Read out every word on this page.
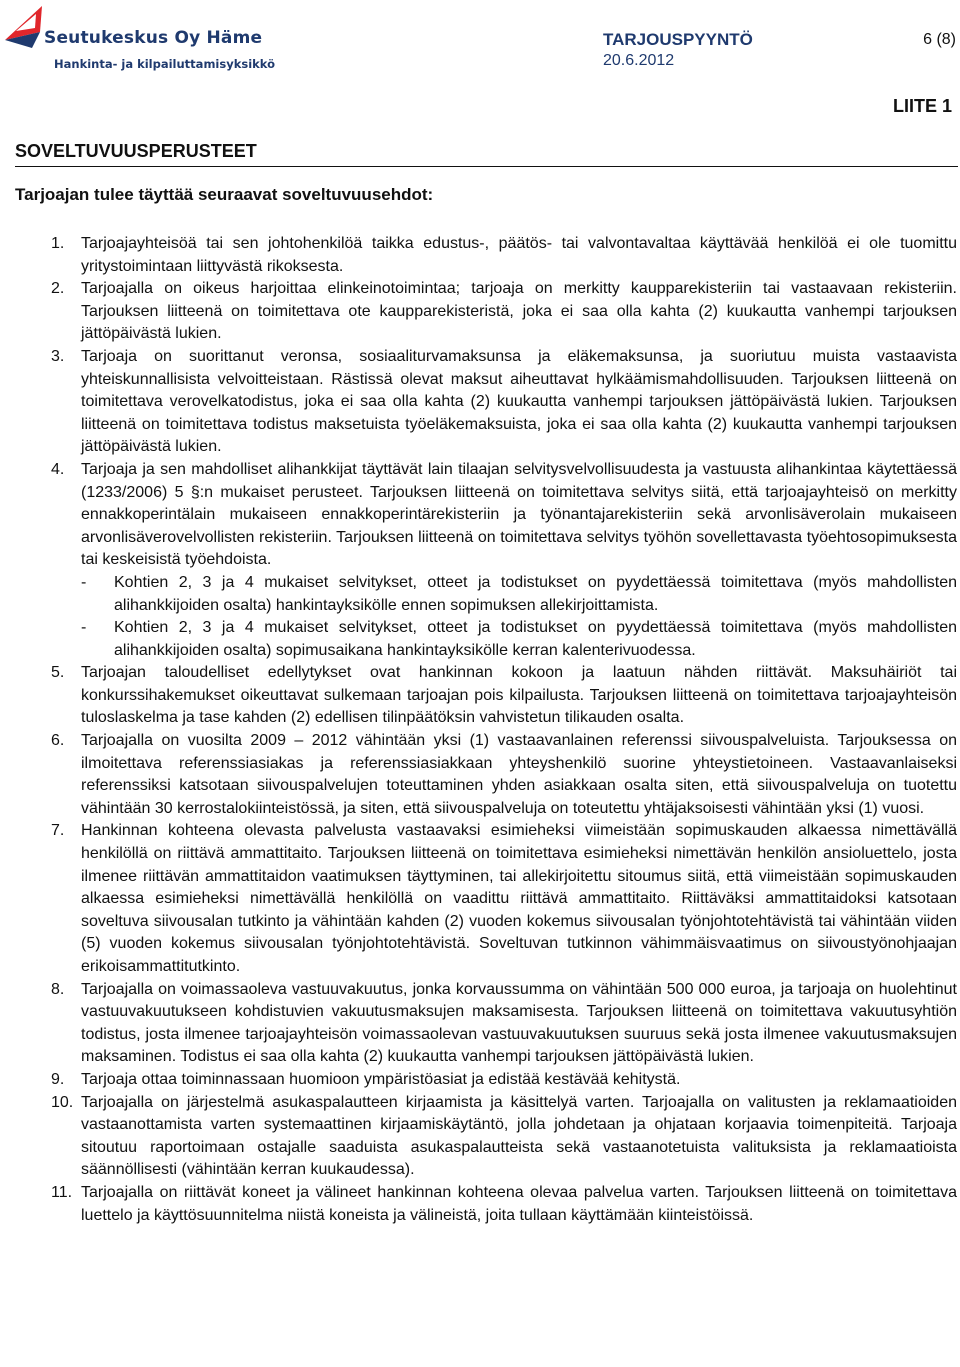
Seutukeskus Oy Häme
Hankinta- ja kilpailuttamisyksikkö
TARJOUSPYYNTÖ
20.6.2012
6 (8)
LIITE 1
SOVELTUVUUSPERUSTEET
Tarjoajan tulee täyttää seuraavat soveltuvuusehdot:
1. Tarjoajayhteisöä tai sen johtohenkilöä taikka edustus-, päätös- tai valvontavaltaa käyttävää henkilöä ei ole tuomittu yritystoimintaan liittyvästä rikoksesta.

2. Tarjoajalla on oikeus harjoittaa elinkeinotoimintaa; tarjoaja on merkitty kaupparekisteriin tai vastaavaan rekisteriin. Tarjouksen liitteenä on toimitettava ote kaupparekisteristä, joka ei saa olla kahta (2) kuukautta vanhempi tarjouksen jättöpäivästä lukien.

3. Tarjoaja on suorittanut veronsa, sosiaaliturvamaksunsa ja eläkemaksunsa, ja suoriutuu muista vastaavista yhteiskunnallisista velvoitteistaan. Rästissä olevat maksut aiheuttavat hylkäämismahdollisuuden. Tarjouksen liitteenä on toimitettava verovelkatodistus, joka ei saa olla kahta (2) kuukautta vanhempi tarjouksen jättöpäivästä lukien. Tarjouksen liitteenä on toimitettava todistus maksetuista työeläkemaksuista, joka ei saa olla kahta (2) kuukautta vanhempi tarjouksen jättöpäivästä lukien.

4. Tarjoaja ja sen mahdolliset alihankkijat täyttävät lain tilaajan selvitysvelvollisuudesta ja vastuusta alihankintaa käytettäessä (1233/2006) 5 §:n mukaiset perusteet. Tarjouksen liitteenä on toimitettava selvitys siitä, että tarjoajayhteisö on merkitty ennakkoperintälain mukaiseen ennakkoperintärekisteriin ja työnantajarekisteriin sekä arvonlisäverolain mukaiseen arvonlisäverovelvollisten rekisteriin. Tarjouksen liitteenä on toimitettava selvitys työhön sovellettavasta työehtosopimuksesta tai keskeisistä työehdoista.

- Kohtien 2, 3 ja 4 mukaiset selvitykset, otteet ja todistukset on pyydettäessä toimitettava (myös mahdollisten alihankkijoiden osalta) hankintayksikölle ennen sopimuksen allekirjoittamista.
- Kohtien 2, 3 ja 4 mukaiset selvitykset, otteet ja todistukset on pyydettäessä toimitettava (myös mahdollisten alihankkijoiden osalta) sopimusaikana hankintayksikölle kerran kalenterivuodessa.
5. Tarjoajan taloudelliset edellytykset ovat hankinnan kokoon ja laatuun nähden riittävät. Maksuhäiriöt tai konkurssihakemukset oikeuttavat sulkemaan tarjoajan pois kilpailusta. Tarjouksen liitteenä on toimitettava tarjoajayhteisön tuloslaskelma ja tase kahden (2) edellisen tilinpäätöksin vahvistetun tilikauden osalta.

6. Tarjoajalla on vuosilta 2009 – 2012 vähintään yksi (1) vastaavanlainen referenssi siivouspalveluista. Tarjouksessa on ilmoitettava referenssiasiakas ja referenssiasiakkaan yhteyshenkilö suorine yhteystietoineen. Vastaavanlaiseksi referenssiksi katsotaan siivouspalvelujen toteuttaminen yhden asiakkaan osalta siten, että siivouspalveluja on tuotettu vähintään 30 kerrostalokiinteistössä, ja siten, että siivouspalveluja on toteutettu yhtäjaksoisesti vähintään yksi (1) vuosi.

7. Hankinnan kohteena olevasta palvelusta vastaavaksi esimieheksi viimeistään sopimuskauden alkaessa nimettävällä henkilöllä on riittävä ammattitaito. Tarjouksen liitteenä on toimitettava esimieheksi nimettävän henkilön ansioluettelo, josta ilmenee riittävän ammattitaidon vaatimuksen täyttyminen, tai allekirjoitettu sitoumus siitä, että viimeistään sopimuskauden alkaessa esimieheksi nimettävällä henkilöllä on vaadittu riittävä ammattitaito. Riittäväksi ammattitaidoksi katsotaan soveltuva siivousalan tutkinto ja vähintään kahden (2) vuoden kokemus siivousalan työnjohtotehtävistä tai vähintään viiden (5) vuoden kokemus siivousalan työnjohtotehtävistä. Soveltuvan tutkinnon vähimmäisvaatimus on siivoustyönohjaajan erikoisammattitutkinto.

8. Tarjoajalla on voimassaoleva vastuuvakuutus, jonka korvaussumma on vähintään 500 000 euroa, ja tarjoaja on huolehtinut vastuuvakuutukseen kohdistuvien vakuutusmaksujen maksamisesta. Tarjouksen liitteenä on toimitettava vakuutusyhtiön todistus, josta ilmenee tarjoajayhteisön voimassaolevan vastuuvakuutuksen suuruus sekä josta ilmenee vakuutusmaksujen maksaminen. Todistus ei saa olla kahta (2) kuukautta vanhempi tarjouksen jättöpäivästä lukien.

9. Tarjoaja ottaa toiminnassaan huomioon ympäristöasiat ja edistää kestävää kehitystä.

10. Tarjoajalla on järjestelmä asukaspalautteen kirjaamista ja käsittelyä varten. Tarjoajalla on valitusten ja reklamaatioiden vastaanottamista varten systemaattinen kirjaamiskäytäntö, jolla johdetaan ja ohjataan korjaavia toimenpiteitä. Tarjoaja sitoutuu raportoimaan ostajalle saaduista asukaspalautteista sekä vastaanotetuista valituksista ja reklamaatioista säännöllisesti (vähintään kerran kuukaudessa).

11. Tarjoajalla on riittävät koneet ja välineet hankinnan kohteena olevaa palvelua varten. Tarjouksen liitteenä on toimitettava luettelo ja käyttösuunnitelma niistä koneista ja välineistä, joita tullaan käyttämään kiinteistöissä.
